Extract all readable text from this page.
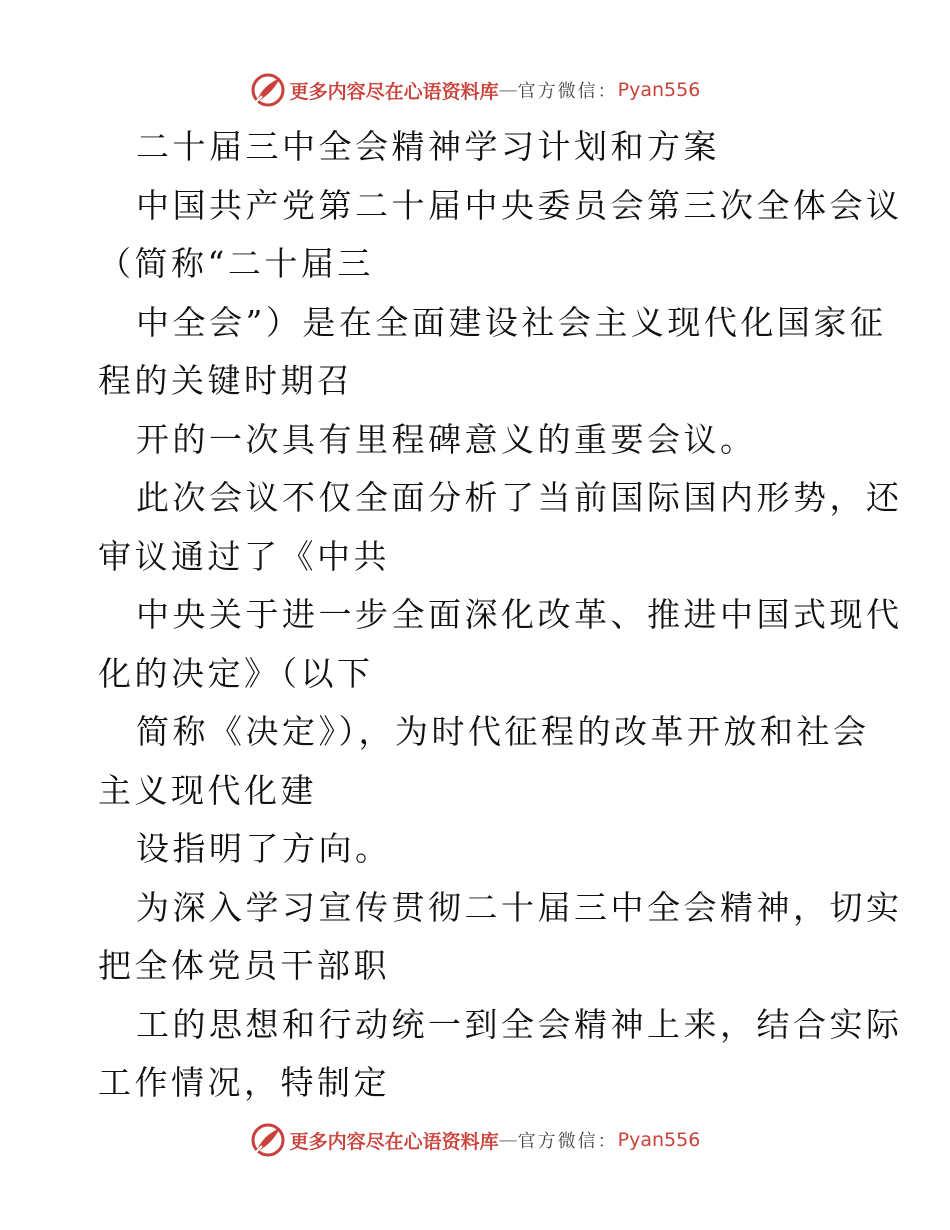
更多内容尽在心语资料库 — 官方微信： Pyan556
二十届三中全会精神学习计划和方案
中国共产党第二十届中央委员会第三次全体会议
（简称“二十届三
中全会”）是在全面建设社会主义现代化国家征
程的关键时期召
开的一次具有里程碑意义的重要会议。
此次会议不仅全面分析了当前国际国内形势，还
审议通过了《中共
中央关于进一步全面深化改革、推进中国式现代
化的决定》（以下
简称《决定》），为时代征程的改革开放和社会
主义现代化建
设指明了方向。
为深入学习宣传贯彻二十届三中全会精神，切实
把全体党员干部职
工的思想和行动统一到全会精神上来，结合实际
工作情况，特制定
更多内容尽在心语资料库 — 官方微信： Pyan556
